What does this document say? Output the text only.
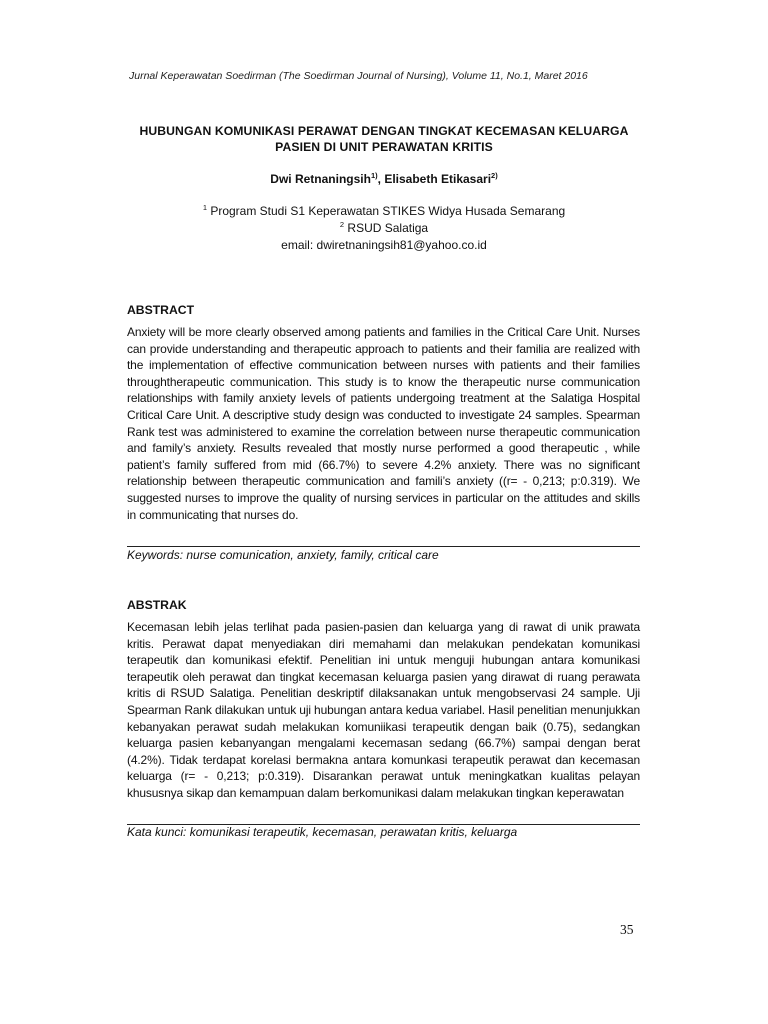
Jurnal Keperawatan Soedirman (The Soedirman Journal of Nursing), Volume 11, No.1, Maret 2016
HUBUNGAN KOMUNIKASI PERAWAT DENGAN TINGKAT KECEMASAN KELUARGA
PASIEN DI UNIT PERAWATAN KRITIS
Dwi Retnaningsih$^{1)}$, Elisabeth Etikasari$^{2)}$
$^1$ Program Studi S1 Keperawatan STIKES Widya Husada Semarang
$^2$ RSUD Salatiga
email: dwiretnaningsih81@yahoo.co.id
ABSTRACT
Anxiety will be more clearly observed among patients and families in the Critical Care Unit. Nurses can provide understanding and therapeutic approach to patients and their familia are realized with the implementation of effective communication between nurses with patients and their families throughtherapeutic communication. This study is to know the therapeutic nurse communication relationships with family anxiety levels of patients undergoing treatment at the Salatiga Hospital Critical Care Unit. A descriptive study design was conducted to investigate 24 samples. Spearman Rank test was administered to examine the correlation between nurse therapeutic communication and family’s anxiety. Results revealed that mostly nurse performed a good therapeutic , while patient’s family suffered from mid (66.7%) to severe 4.2% anxiety. There was no significant relationship between therapeutic communication and famili’s anxiety ((r= - 0,213; p:0.319). We suggested nurses to improve the quality of nursing services in particular on the attitudes and skills in communicating that nurses do.
Keywords: nurse comunication, anxiety, family, critical care
ABSTRAK
Kecemasan lebih jelas terlihat pada pasien-pasien dan keluarga yang di rawat di unik prawata kritis. Perawat dapat menyediakan diri memahami dan melakukan pendekatan komunikasi terapeutik dan komunikasi efektif. Penelitian ini untuk menguji hubungan antara komunikasi terapeutik oleh perawat dan tingkat kecemasan keluarga pasien yang dirawat di ruang perawata kritis di RSUD Salatiga. Penelitian deskriptif dilaksanakan untuk mengobservasi 24 sample. Uji Spearman Rank dilakukan untuk uji hubungan antara kedua variabel. Hasil penelitian menunjukkan kebanyakan perawat sudah melakukan komuniikasi terapeutik dengan baik (0.75), sedangkan keluarga pasien kebanyangan mengalami kecemasan sedang (66.7%) sampai dengan berat (4.2%). Tidak terdapat korelasi bermakna antara komunkasi terapeutik perawat dan kecemasan keluarga (r= - 0,213; p:0.319). Disarankan perawat untuk meningkatkan kualitas pelayan khususnya sikap dan kemampuan dalam berkomunikasi dalam melakukan tingkan keperawatan
Kata kunci: komunikasi terapeutik, kecemasan, perawatan kritis, keluarga
35
